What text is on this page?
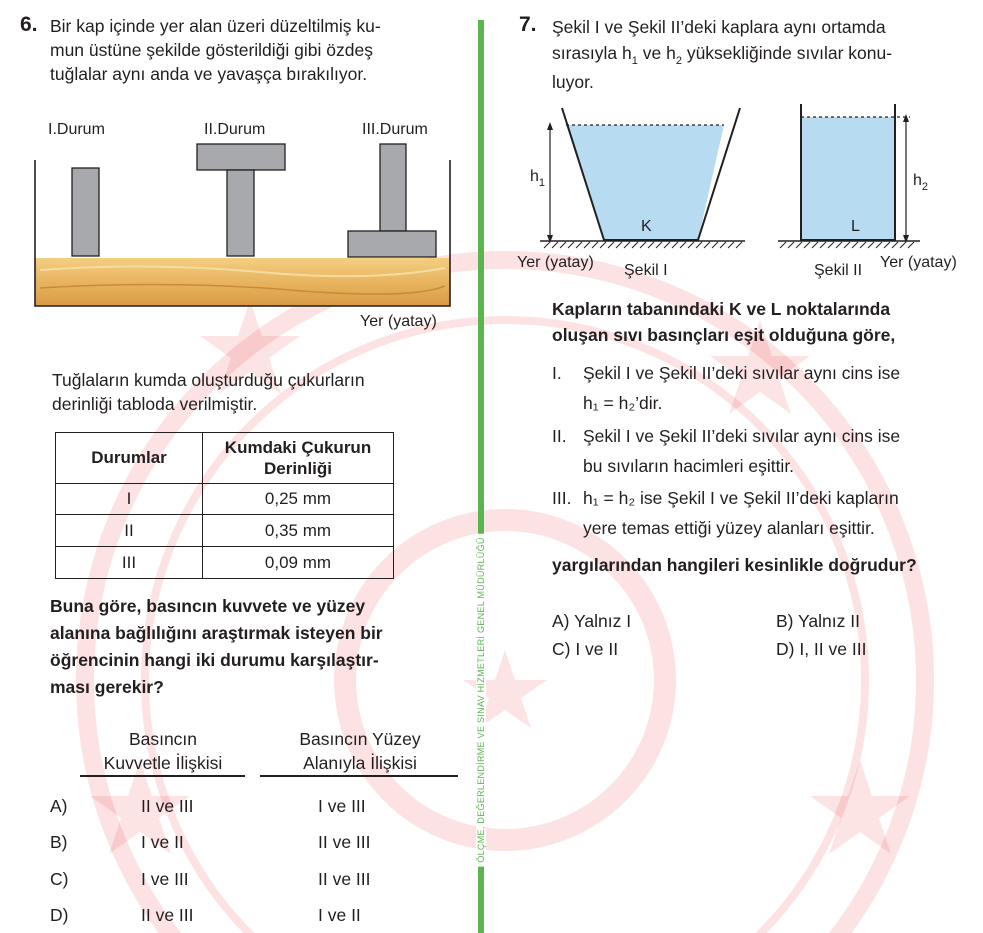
ÖLÇME, DEĞERLENDİRME VE SINAV HİZMETLERİ GENEL MÜDÜRLÜĞÜ
6. Bir kap içinde yer alan üzeri düzeltilmiş ku-
mun üstüne şekilde gösterildiği gibi özdeş
tuğlalar aynı anda ve yavaşça bırakılıyor.
I.Durum	II.Durum	III.Durum
Yer (yatay)
Tuğlaların kumda oluşturduğu çukurların
derinliği tabloda verilmiştir.
Durumlar	Kumdaki Çukurun
Derinliği

I	0,25 mm
II	0,35 mm
III	0,09 mm
Buna göre, basıncın kuvvete ve yüzey
alanına bağlılığını araştırmak isteyen bir
öğrencinin hangi iki durumu karşılaştır-
ması gerekir?
Basıncın
Kuvvetle İlişkisi
Basıncın Yüzey
Alanıyla İlişkisi
A)	II ve III	I ve III
B)	I ve II	II ve III
C)	I ve III	II ve III
D)	II ve III	I ve II
7. Şekil I ve Şekil II’deki kaplara aynı ortamda
sırasıyla $h_1$ ve $h_2$ yüksekliğinde sıvılar konu-
luyor.
$h_1$
K
Yer (yatay) Şekil I
$h_2$
L
Şekil II Yer (yatay)
Kapların tabanındaki K ve L noktalarında
oluşan sıvı basınçları eşit olduğuna göre,
I. Şekil I ve Şekil II’deki sıvılar aynı cins ise
h₁ = h₂’dir.
II. Şekil I ve Şekil II’deki sıvılar aynı cins ise
bu sıvıların hacimleri eşittir.
III. h₁ = h₂ ise Şekil I ve Şekil II’deki kapların
yere temas ettiği yüzey alanları eşittir.
yargılarından hangileri kesinlikle doğrudur?
A) Yalnız I	B) Yalnız II
C) I ve II	D) I, II ve III
